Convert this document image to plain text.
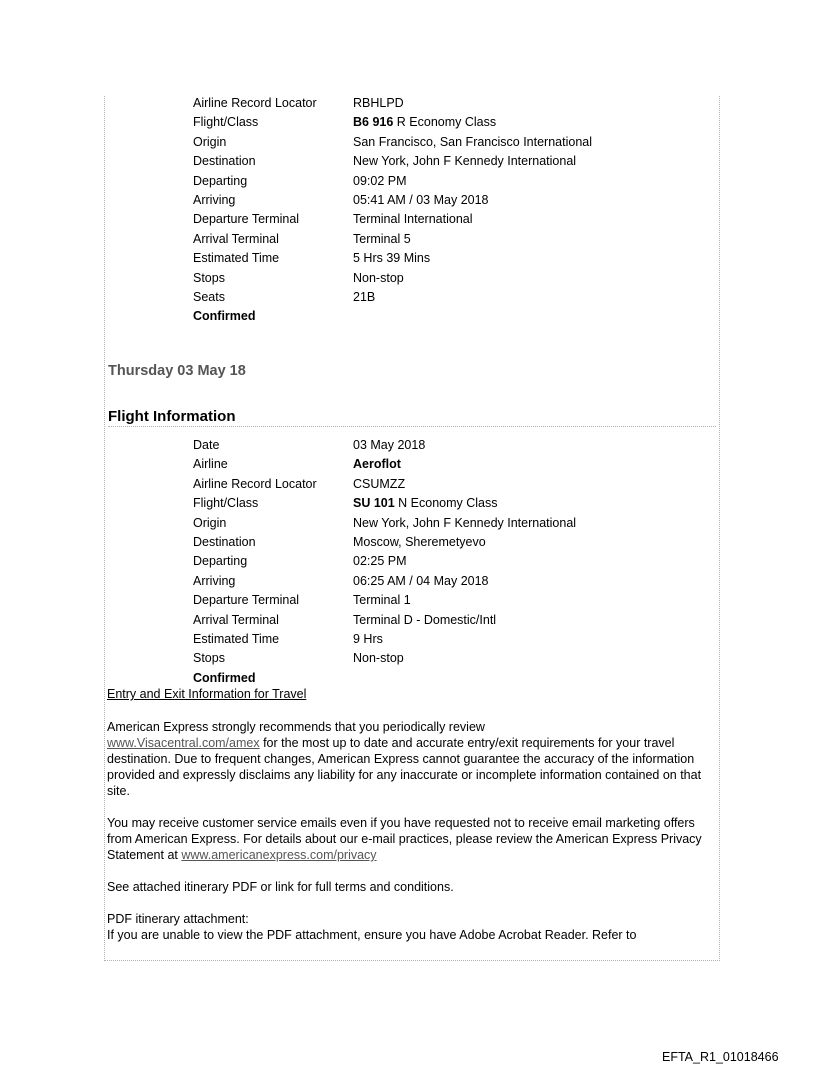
Airline Record Locator	RBHLPD
Flight/Class	B6 916 R Economy Class
Origin	San Francisco, San Francisco International
Destination	New York, John F Kennedy International
Departing	09:02 PM
Arriving	05:41 AM / 03 May 2018
Departure Terminal	Terminal International
Arrival Terminal	Terminal 5
Estimated Time	5 Hrs 39 Mins
Stops	Non-stop
Seats	21B
Confirmed
Thursday 03 May 18
Flight Information
Date	03 May 2018
Airline	Aeroflot
Airline Record Locator	CSUMZZ
Flight/Class	SU 101 N Economy Class
Origin	New York, John F Kennedy International
Destination	Moscow, Sheremetyevo
Departing	02:25 PM
Arriving	06:25 AM / 04 May 2018
Departure Terminal	Terminal 1
Arrival Terminal	Terminal D - Domestic/Intl
Estimated Time	9 Hrs
Stops	Non-stop
Confirmed
Entry and Exit Information for Travel

American Express strongly recommends that you periodically review
www.Visacentral.com/amex for the most up to date and accurate entry/exit requirements for your travel destination. Due to frequent changes, American Express cannot guarantee the accuracy of the information provided and expressly disclaims any liability for any inaccurate or incomplete information contained on that site.

You may receive customer service emails even if you have requested not to receive email marketing offers from American Express. For details about our e-mail practices, please review the American Express Privacy Statement at www.americanexpress.com/privacy

See attached itinerary PDF or link for full terms and conditions.

PDF itinerary attachment:
If you are unable to view the PDF attachment, ensure you have Adobe Acrobat Reader. Refer to

EFTA_R1_01018466
